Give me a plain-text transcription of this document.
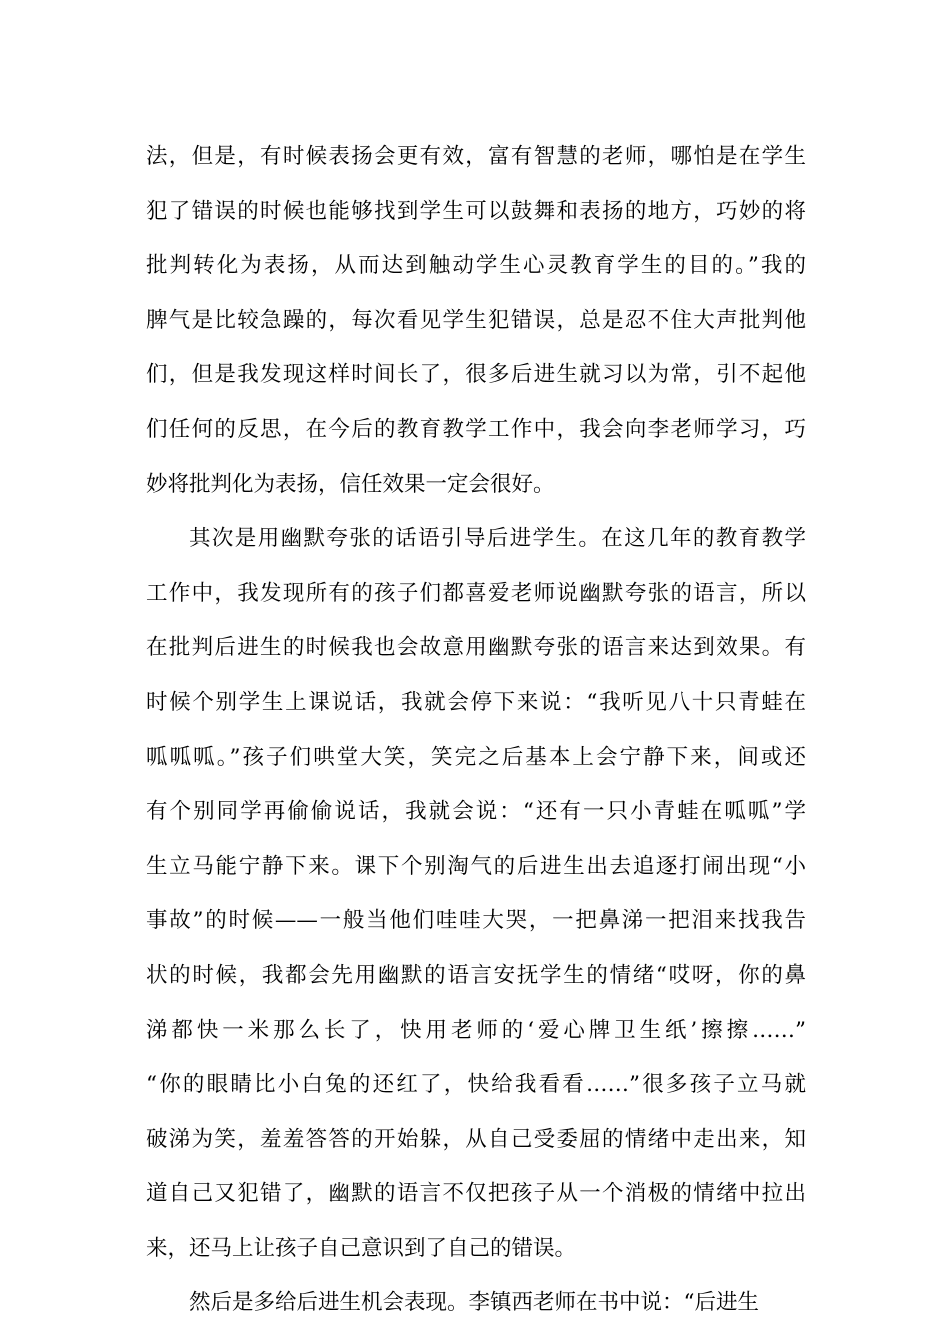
法，但是，有时候表扬会更有效，富有智慧的老师，哪怕是在学生
犯了错误的时候也能够找到学生可以鼓舞和表扬的地方，巧妙的将
批判转化为表扬，从而达到触动学生心灵教育学生的目的。”我的
脾气是比较急躁的，每次看见学生犯错误，总是忍不住大声批判他
们，但是我发现这样时间长了，很多后进生就习以为常，引不起他
们任何的反思，在今后的教育教学工作中，我会向李老师学习，巧
妙将批判化为表扬，信任效果一定会很好。
其次是用幽默夸张的话语引导后进学生。在这几年的教育教学
工作中，我发现所有的孩子们都喜爱老师说幽默夸张的语言，所以
在批判后进生的时候我也会故意用幽默夸张的语言来达到效果。有
时候个别学生上课说话，我就会停下来说：“我听见八十只青蛙在
呱呱呱。”孩子们哄堂大笑，笑完之后基本上会宁静下来，间或还
有个别同学再偷偷说话，我就会说：“还有一只小青蛙在呱呱”学
生立马能宁静下来。课下个别淘气的后进生出去追逐打闹出现“小
事故”的时候——一般当他们哇哇大哭，一把鼻涕一把泪来找我告
状的时候，我都会先用幽默的语言安抚学生的情绪“哎呀，你的鼻
涕都快一米那么长了，快用老师的‘爱心牌卫生纸’擦擦……”
“你的眼睛比小白兔的还红了，快给我看看……”很多孩子立马就
破涕为笑，羞羞答答的开始躲，从自己受委屈的情绪中走出来，知
道自己又犯错了，幽默的语言不仅把孩子从一个消极的情绪中拉出
来，还马上让孩子自己意识到了自己的错误。
然后是多给后进生机会表现。李镇西老师在书中说：“后进生
